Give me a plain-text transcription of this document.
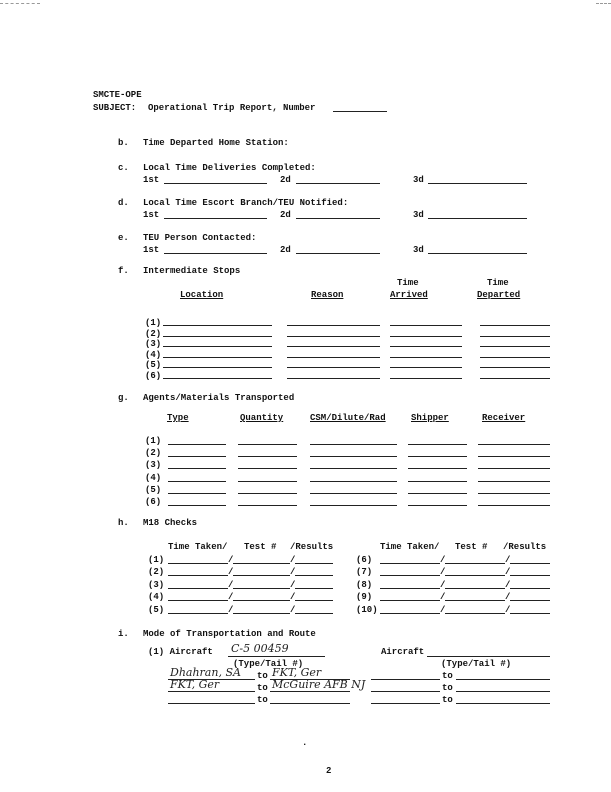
SMCTE-OPE
SUBJECT: Operational Trip Report, Number
b. Time Departed Home Station:
c. Local Time Deliveries Completed:
1st	2d	3d
d. Local Time Escort Branch/TEU Notified:
1st	2d	3d
e. TEU Person Contacted:
1st	2d	3d
f. Intermediate Stops
Time	Time
Location	Reason	Arrived	Departed
(1)
(2)
(3)
(4)
(5)
(6)
g. Agents/Materials Transported
Type	Quantity	CSM/Dilute/Rad	Shipper	Receiver
(1)
(2)
(3)
(4)
(5)
(6)
h. M18 Checks
Time Taken/ Test # /Results	Time Taken/ Test # /Results
(1)	/	/
(2)	/	/
(3)	/	/
(4)	/	/
(5)	/	/
(6)	/	/
(7)	/	/
(8)	/	/
(9)	/	/
(10)	/	/
i. Mode of Transportation and Route
(1) Aircraft C-5 00459	Aircraft
(Type/Tail #)	(Type/Tail #)
Dhahran, SA to FKT, Ger	to
FKT, Ger	to McGuire AFB NJ	to
to	to
.
2
